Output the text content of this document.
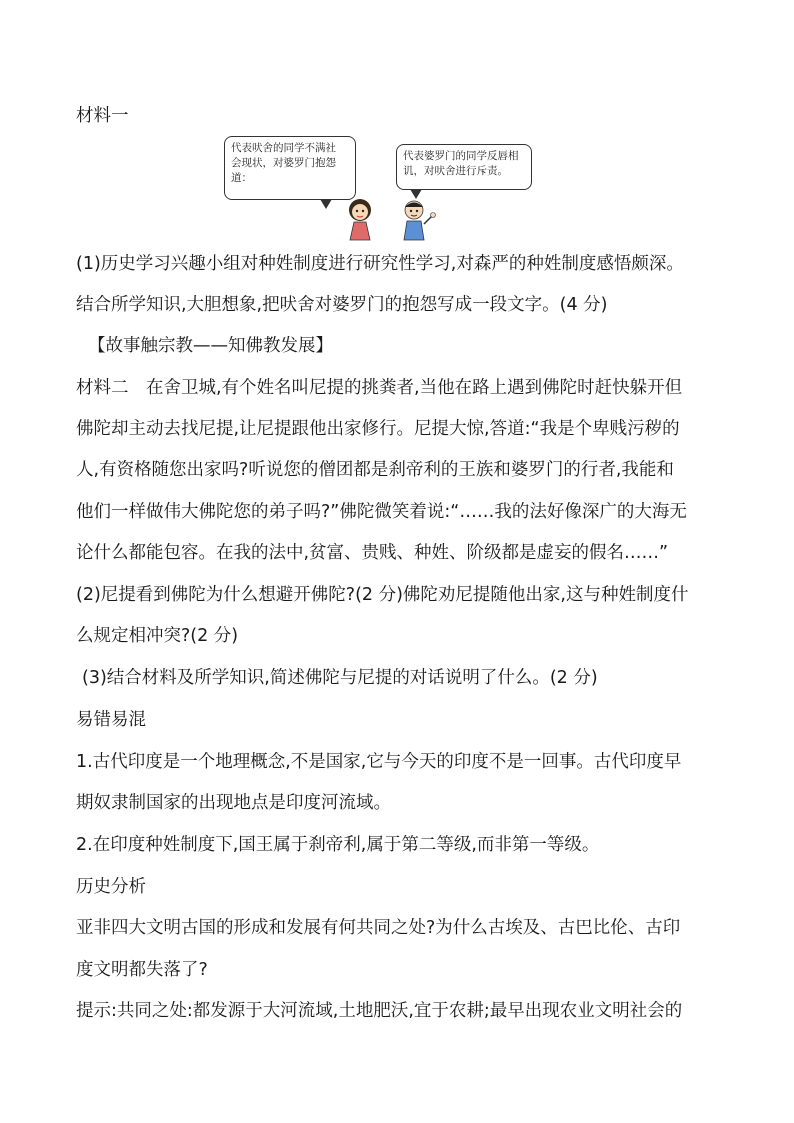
材料一
代表吠舍的同学不满社
会现状，对婆罗门抱怨
道：
代表婆罗门的同学反唇相
讥，对吠舍进行斥责。
(1)历史学习兴趣小组对种姓制度进行研究性学习,对森严的种姓制度感悟颇深。
结合所学知识,大胆想象,把吠舍对婆罗门的抱怨写成一段文字。(4 分)
【故事触宗教——知佛教发展】
材料二　在舍卫城,有个姓名叫尼提的挑粪者,当他在路上遇到佛陀时赶快躲开但
佛陀却主动去找尼提,让尼提跟他出家修行。尼提大惊,答道:“我是个卑贱污秽的
人,有资格随您出家吗?听说您的僧团都是刹帝利的王族和婆罗门的行者,我能和
他们一样做伟大佛陀您的弟子吗?”佛陀微笑着说:“……我的法好像深广的大海无
论什么都能包容。在我的法中,贫富、贵贱、种姓、阶级都是虚妄的假名……”
(2)尼提看到佛陀为什么想避开佛陀?(2 分)佛陀劝尼提随他出家,这与种姓制度什
么规定相冲突?(2 分)
(3)结合材料及所学知识,简述佛陀与尼提的对话说明了什么。(2 分)
易错易混
1.古代印度是一个地理概念,不是国家,它与今天的印度不是一回事。古代印度早
期奴隶制国家的出现地点是印度河流域。
2.在印度种姓制度下,国王属于刹帝利,属于第二等级,而非第一等级。
历史分析
亚非四大文明古国的形成和发展有何共同之处?为什么古埃及、古巴比伦、古印
度文明都失落了?
提示:共同之处:都发源于大河流域,土地肥沃,宜于农耕;最早出现农业文明社会的
